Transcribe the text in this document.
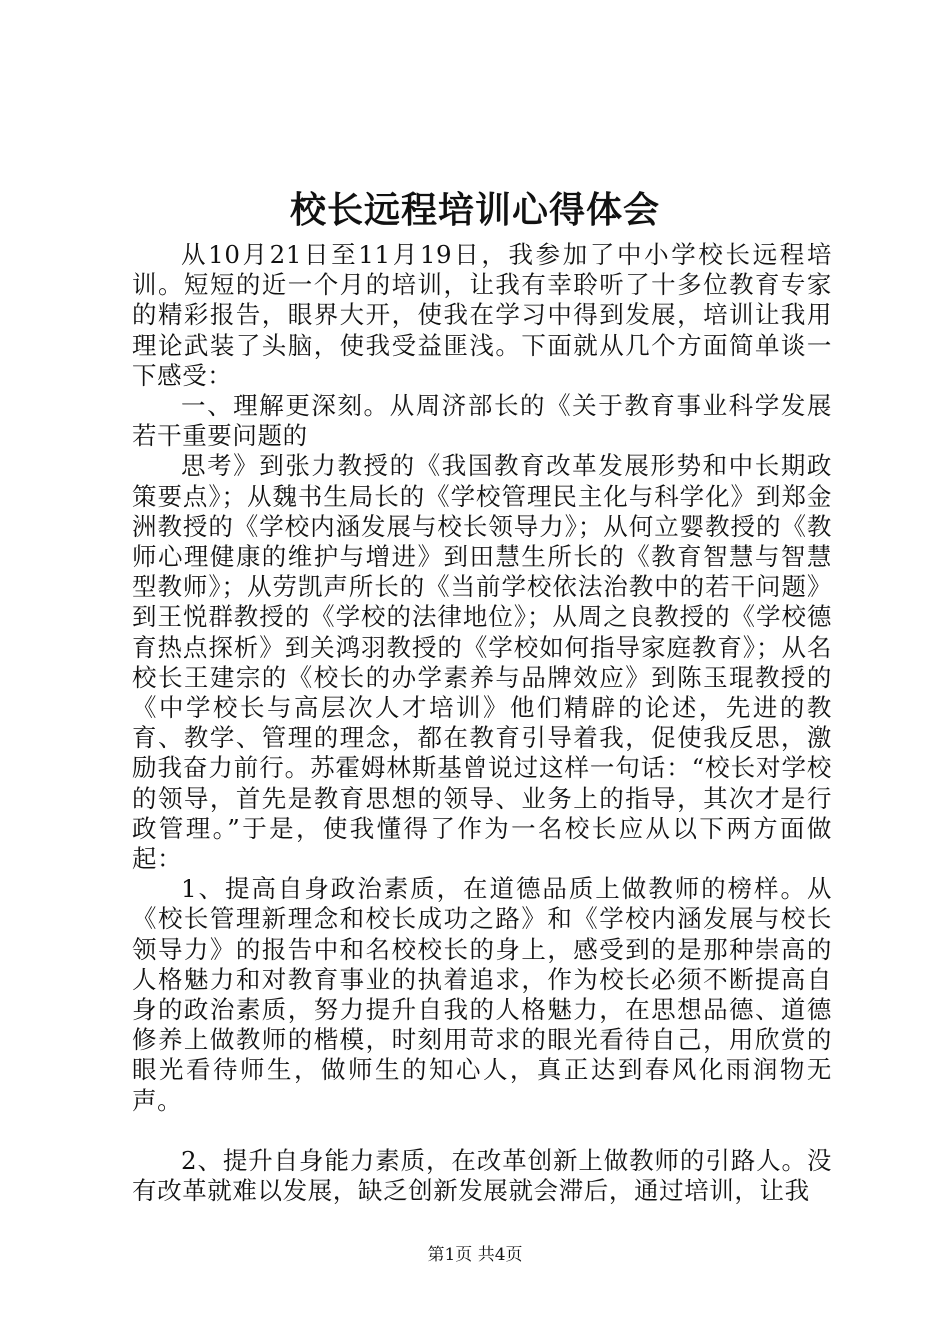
校长远程培训心得体会

从10月21日至11月19日，我参加了中小学校长远程培训。短短的近一个月的培训，让我有幸聆听了十多位教育专家的精彩报告，眼界大开，使我在学习中得到发展，培训让我用理论武装了头脑，使我受益匪浅。下面就从几个方面简单谈一下感受：

一、理解更深刻。从周济部长的《关于教育事业科学发展若干重要问题的

思考》到张力教授的《我国教育改革发展形势和中长期政策要点》；从魏书生局长的《学校管理民主化与科学化》到郑金洲教授的《学校内涵发展与校长领导力》；从何立婴教授的《教师心理健康的维护与增进》到田慧生所长的《教育智慧与智慧型教师》；从劳凯声所长的《当前学校依法治教中的若干问题》到王悦群教授的《学校的法律地位》；从周之良教授的《学校德育热点探析》到关鸿羽教授的《学校如何指导家庭教育》；从名校长王建宗的《校长的办学素养与品牌效应》到陈玉琨教授的《中学校长与高层次人才培训》他们精辟的论述，先进的教育、教学、管理的理念，都在教育引导着我，促使我反思，激励我奋力前行。苏霍姆林斯基曾说过这样一句话：“校长对学校的领导，首先是教育思想的领导、业务上的指导，其次才是行政管理。”于是，使我懂得了作为一名校长应从以下两方面做起：

1、提高自身政治素质，在道德品质上做教师的榜样。从《校长管理新理念和校长成功之路》和《学校内涵发展与校长领导力》的报告中和名校校长的身上，感受到的是那种崇高的人格魅力和对教育事业的执着追求，作为校长必须不断提高自身的政治素质，努力提升自我的人格魅力，在思想品德、道德修养上做教师的楷模，时刻用苛求的眼光看待自己，用欣赏的眼光看待师生，做师生的知心人，真正达到春风化雨润物无声。

2、提升自身能力素质，在改革创新上做教师的引路人。没有改革就难以发展，缺乏创新发展就会滞后，通过培训，让我

第1页 共4页
